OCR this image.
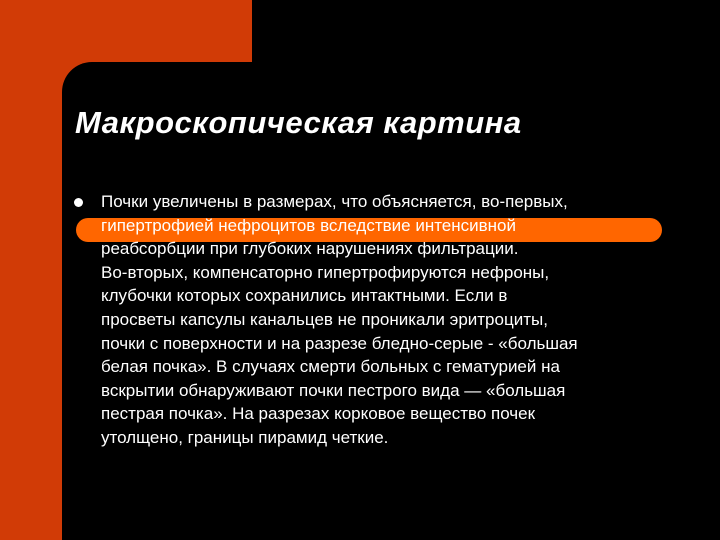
Макроскопическая картина

Почки увеличены в размерах, что объясняется, во-первых,
гипертрофией нефроцитов вследствие интенсивной
реабсорбции при глубоких нарушениях фильтрации.
Во-вторых, компенсаторно гипертрофируются нефроны,
клубочки которых сохранились интактными. Если в
просветы капсулы канальцев не проникали эритроциты,
почки с поверхности и на разрезе бледно-серые - «большая
белая почка». В случаях смерти больных с гематурией на
вскрытии обнаруживают почки пестрого вида — «большая
пестрая почка». На разрезах корковое вещество почек
утолщено, границы пирамид четкие.
